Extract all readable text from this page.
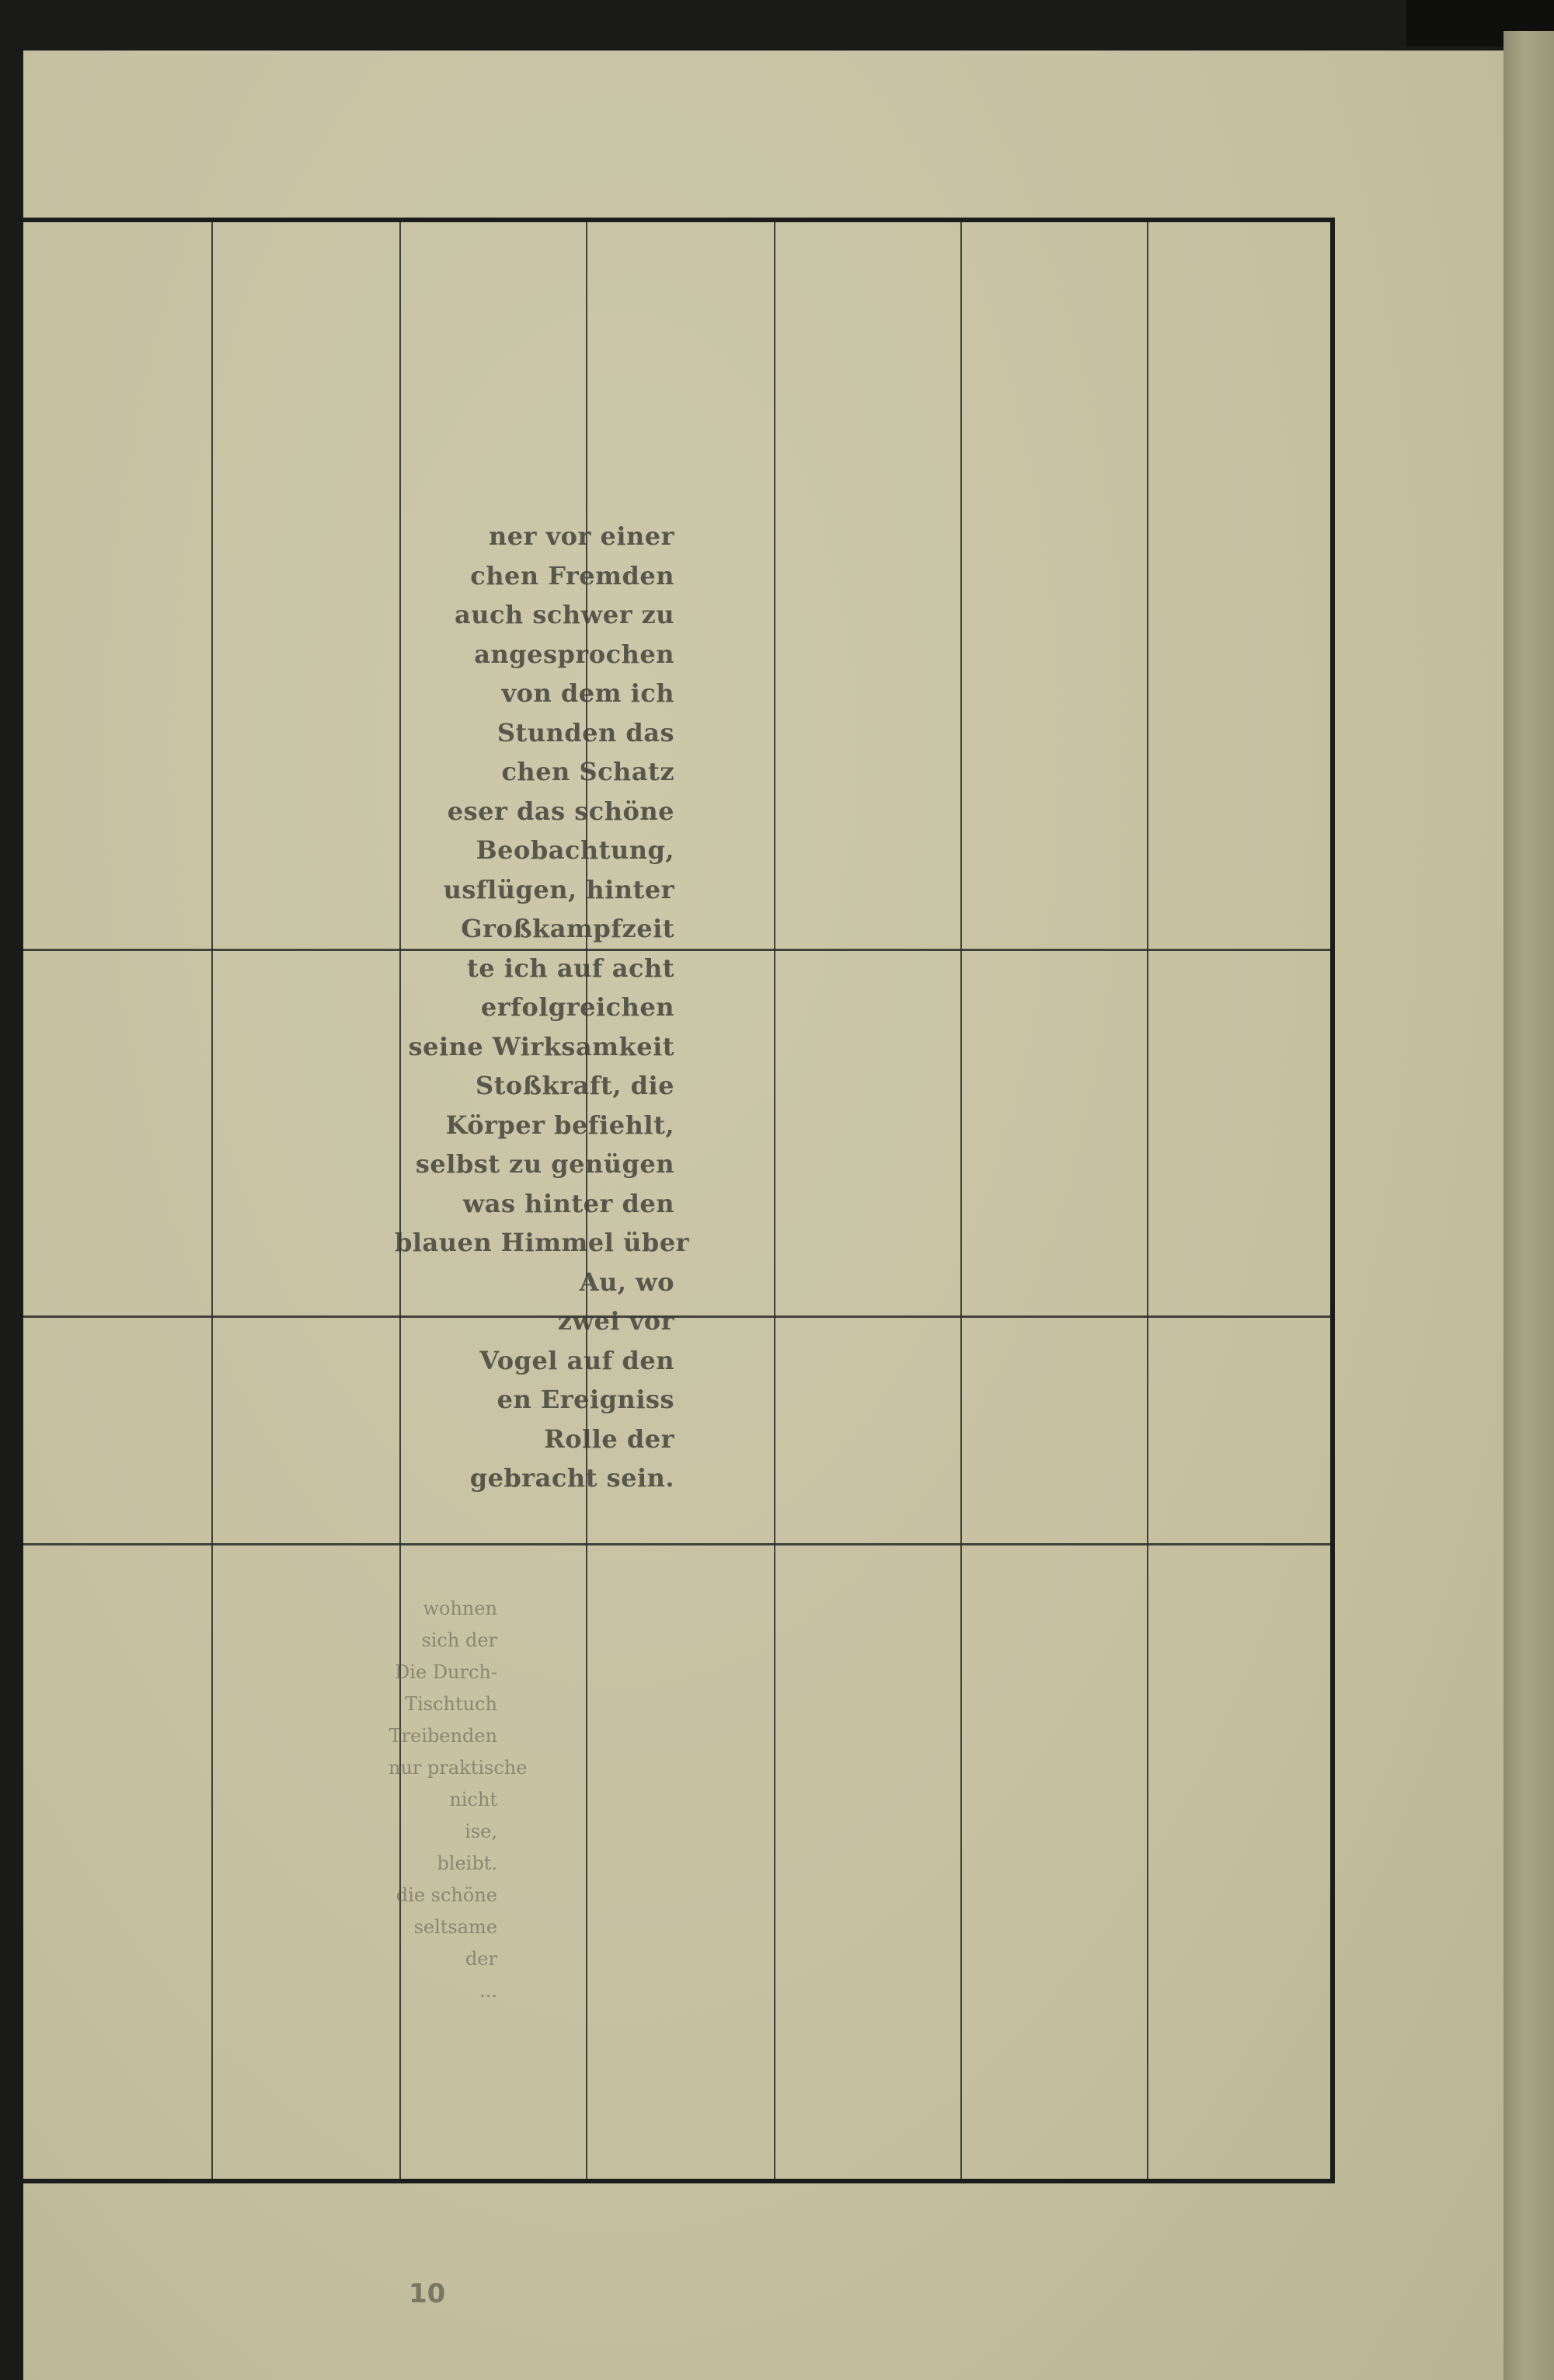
ner vor einer
chen Fremden
auch schwer zu
angesprochen
von dem ich
Stunden das
chen Schatz
eser das schöne
Beobachtung,
usflügen, hinter
Großkampfzeit
te ich auf acht
erfolgreichen
seine Wirksamkeit
Stoßkraft, die
Körper befiehlt,
selbst zu genügen
was hinter den
blauen Himmel über
Au, wo
zwei vor
Vogel auf den
en Ereigniss
Rolle der
gebracht sein.
wohnen
sich der
Die Durch-
Tischtuch
Treibenden
nur praktische
nicht
ise,
bleibt.
die schöne
seltsame
der
...
10
